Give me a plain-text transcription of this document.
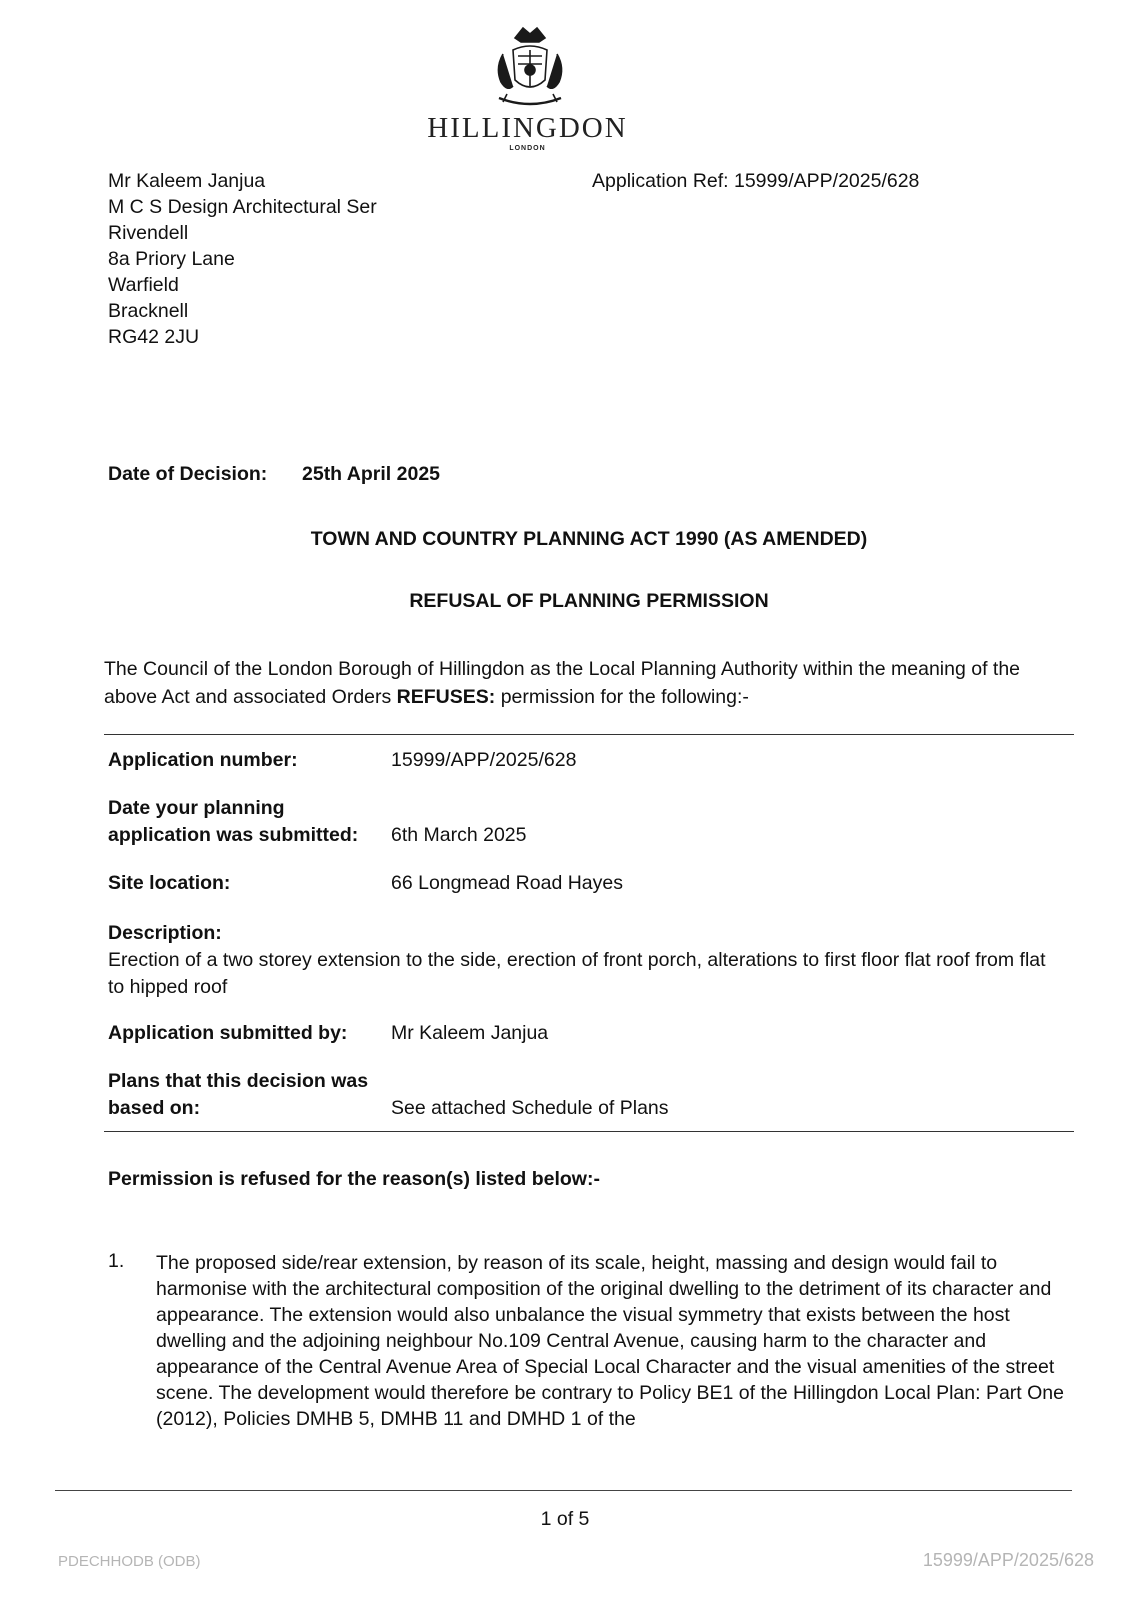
HILLINGDON
LONDON
Mr Kaleem Janjua
M C S Design Architectural Ser
Rivendell
8a Priory Lane
Warfield
Bracknell
RG42 2JU
Application Ref: 15999/APP/2025/628
Date of Decision: 25th April 2025
TOWN AND COUNTRY PLANNING ACT 1990 (AS AMENDED)
REFUSAL OF PLANNING PERMISSION
The Council of the London Borough of Hillingdon as the Local Planning Authority within the meaning of the above Act and associated Orders REFUSES: permission for the following:-
Application number:	15999/APP/2025/628
Date your planning
application was submitted: 6th March 2025
Site location:	66 Longmead Road Hayes
Description:
Erection of a two storey extension to the side, erection of front porch, alterations to first floor flat roof from flat to hipped roof
Application submitted by: Mr Kaleem Janjua
Plans that this decision was
based on:	See attached Schedule of Plans
Permission is refused for the reason(s) listed below:-
1. The proposed side/rear extension, by reason of its scale, height, massing and design would fail to harmonise with the architectural composition of the original dwelling to the detriment of its character and appearance. The extension would also unbalance the visual symmetry that exists between the host dwelling and the adjoining neighbour No.109 Central Avenue, causing harm to the character and appearance of the Central Avenue Area of Special Local Character and the visual amenities of the street scene. The development would therefore be contrary to Policy BE1 of the Hillingdon Local Plan: Part One (2012), Policies DMHB 5, DMHB 11 and DMHD 1 of the
1 of 5
PDECHHODB (ODB)	15999/APP/2025/628
